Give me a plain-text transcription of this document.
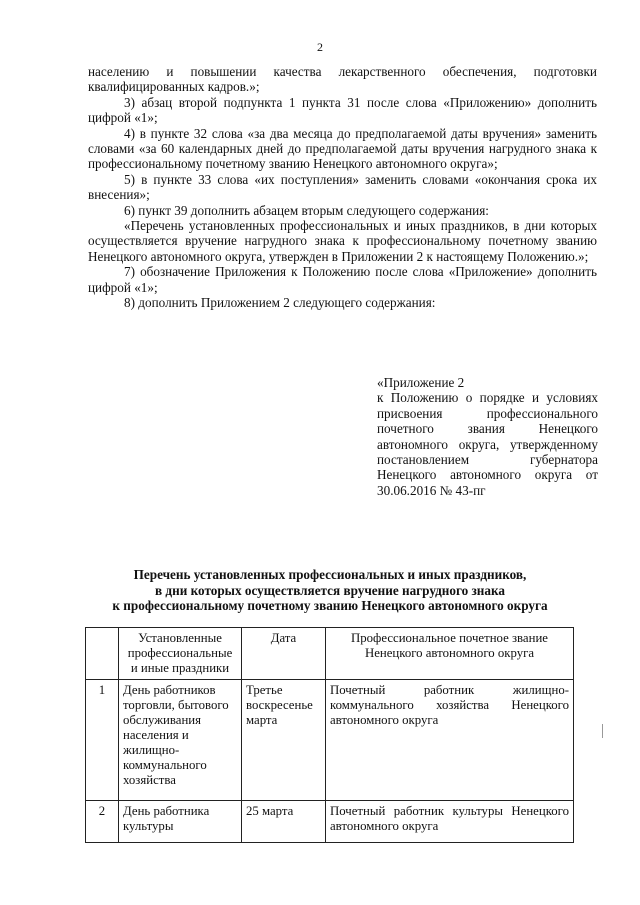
2

населению и повышении качества лекарственного обеспечения, подготовки квалифицированных кадров.»;

3) абзац второй подпункта 1 пункта 31 после слова «Приложению» дополнить цифрой «1»;

4) в пункте 32 слова «за два месяца до предполагаемой даты вручения» заменить словами «за 60 календарных дней до предполагаемой даты вручения нагрудного знака к профессиональному почетному званию Ненецкого автономного округа»;

5) в пункте 33 слова «их поступления» заменить словами «окончания срока их внесения»;

6) пункт 39 дополнить абзацем вторым следующего содержания:

«Перечень установленных профессиональных и иных праздников, в дни которых осуществляется вручение нагрудного знака к профессиональному почетному званию Ненецкого автономного округа, утвержден в Приложении 2 к настоящему Положению.»;

7) обозначение Приложения к Положению после слова «Приложение» дополнить цифрой «1»;

8) дополнить Приложением 2 следующего содержания:

«Приложение 2

к Положению о порядке и условиях присвоения профессионального почетного звания Ненецкого автономного округа, утвержденному постановлением губернатора Ненецкого автономного округа от 30.06.2016 № 43-пг

Перечень установленных профессиональных и иных праздников,
в дни которых осуществляется вручение нагрудного знака
к профессиональному почетному званию Ненецкого автономного округа
	Установленные профессиональные и иные праздники	Дата	Профессиональное почетное звание Ненецкого автономного округа
1	День работников торговли, бытового обслуживания населения и жилищно-коммунального хозяйства	Третье воскресенье марта	Почетный работник жилищно-коммунального хозяйства Ненецкого автономного округа
2	День работника культуры	25 марта	Почетный работник культуры Ненецкого автономного округа
